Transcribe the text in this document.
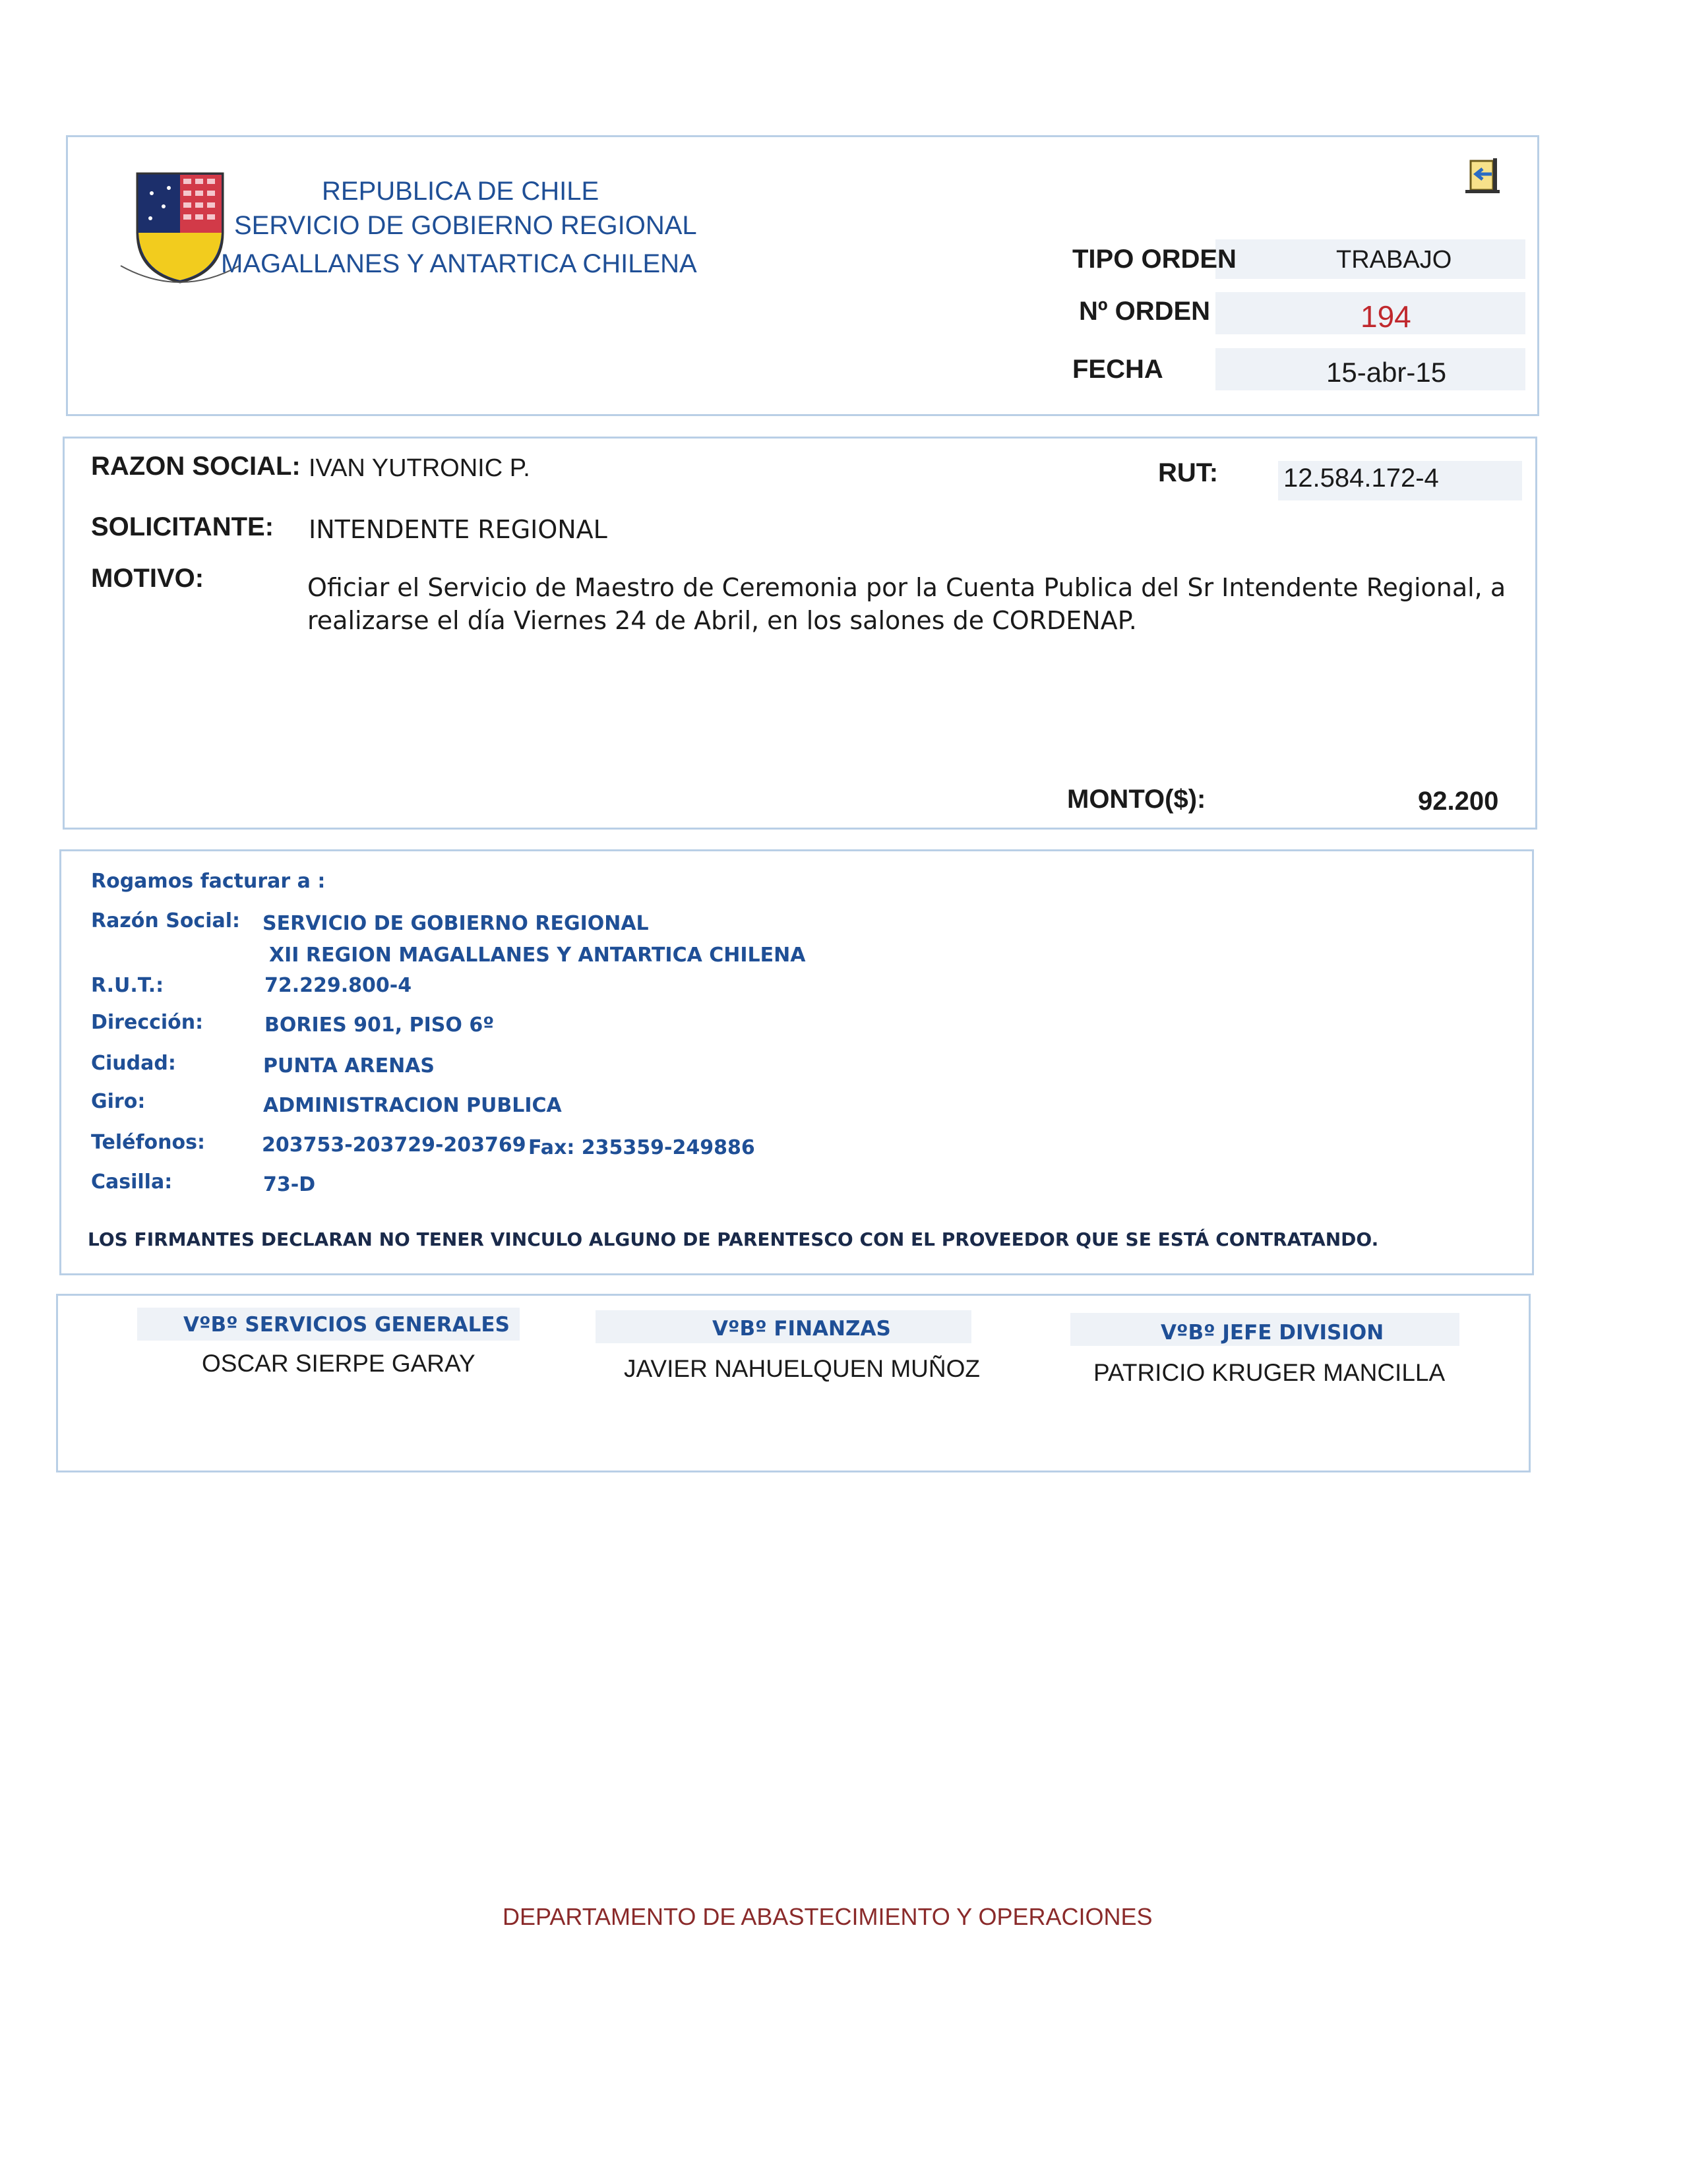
REPUBLICA DE CHILE
SERVICIO DE GOBIERNO REGIONAL
MAGALLANES Y ANTARTICA CHILENA	TIPO ORDEN	TRABAJO
Nº ORDEN	194
FECHA	15-abr-15
RAZON SOCIAL: IVAN YUTRONIC P.	RUT: 12.584.172-4
SOLICITANTE: INTENDENTE REGIONAL
MOTIVO:	Oficiar el Servicio de Maestro de Ceremonia por la Cuenta Publica del Sr Intendente Regional, a
realizarse el día Viernes 24 de Abril, en los salones de CORDENAP.
MONTO($):	92.200
Rogamos facturar a :
Razón Social: SERVICIO DE GOBIERNO REGIONAL
XII REGION MAGALLANES Y ANTARTICA CHILENA
R.U.T.:	72.229.800-4
Dirección:	BORIES 901, PISO 6º
Ciudad:	PUNTA ARENAS
Giro:	ADMINISTRACION PUBLICA
Teléfonos:	203753-203729-203769 Fax: 235359-249886
Casilla:	73-D
LOS FIRMANTES DECLARAN NO TENER VINCULO ALGUNO DE PARENTESCO CON EL PROVEEDOR QUE SE ESTÁ CONTRATANDO.
VºBº SERVICIOS GENERALES
OSCAR SIERPE GARAY
VºBº FINANZAS
JAVIER NAHUELQUEN MUÑOZ
VºBº JEFE DIVISION
PATRICIO KRUGER MANCILLA
DEPARTAMENTO DE ABASTECIMIENTO Y OPERACIONES
